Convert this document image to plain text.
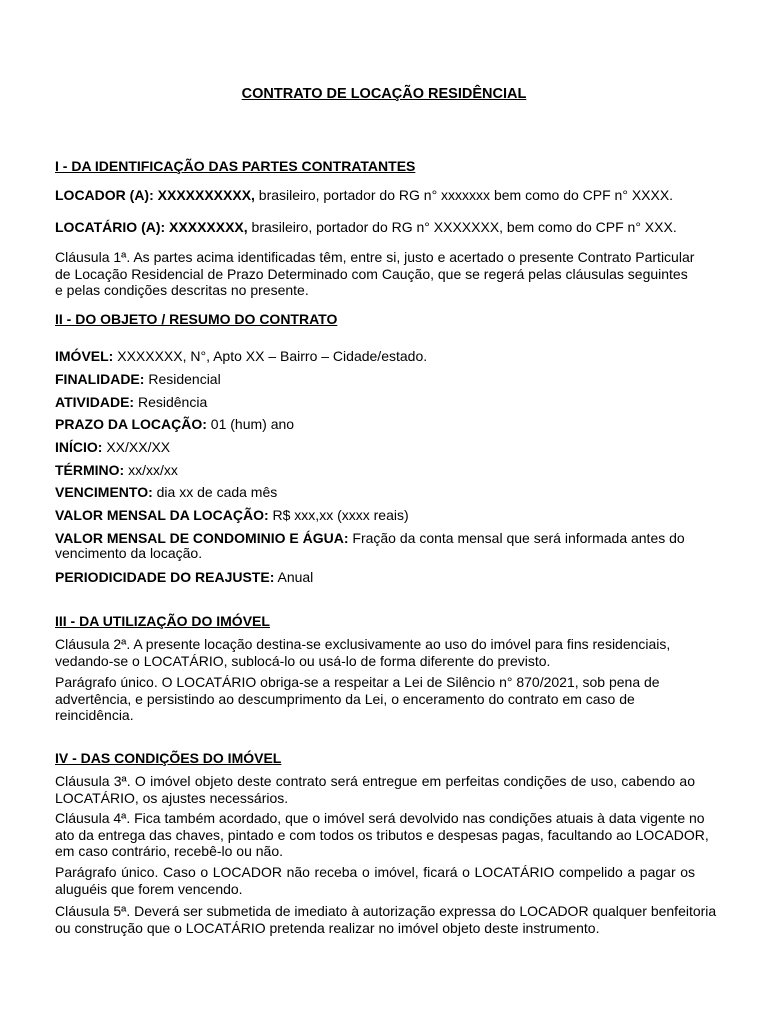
CONTRATO DE LOCAÇÃO RESIDÊNCIAL
I - DA IDENTIFICAÇÃO DAS PARTES CONTRATANTES
LOCADOR (A): XXXXXXXXXX, brasileiro, portador do RG n° xxxxxxx bem como do CPF n° XXXX.
LOCATÁRIO (A): XXXXXXXX, brasileiro, portador do RG n° XXXXXXX, bem como do CPF n° XXX.
Cláusula 1ª. As partes acima identificadas têm, entre si, justo e acertado o presente Contrato Particular
de Locação Residencial de Prazo Determinado com Caução, que se regerá pelas cláusulas seguintes
e pelas condições descritas no presente.
II - DO OBJETO / RESUMO DO CONTRATO
IMÓVEL: XXXXXXX, N°, Apto XX – Bairro – Cidade/estado.
FINALIDADE: Residencial
ATIVIDADE: Residência
PRAZO DA LOCAÇÃO: 01 (hum) ano
INÍCIO: XX/XX/XX
TÉRMINO: xx/xx/xx
VENCIMENTO: dia xx de cada mês
VALOR MENSAL DA LOCAÇÃO: R$ xxx,xx (xxxx reais)
VALOR MENSAL DE CONDOMINIO E ÁGUA: Fração da conta mensal que será informada antes do
vencimento da locação.
PERIODICIDADE DO REAJUSTE: Anual
III - DA UTILIZAÇÃO DO IMÓVEL
Cláusula 2ª. A presente locação destina-se exclusivamente ao uso do imóvel para fins residenciais,
vedando-se o LOCATÁRIO, sublocá-lo ou usá-lo de forma diferente do previsto.
Parágrafo único. O LOCATÁRIO obriga-se a respeitar a Lei de Silêncio n° 870/2021, sob pena de
advertência, e persistindo ao descumprimento da Lei, o enceramento do contrato em caso de
reincidência.
IV - DAS CONDIÇÕES DO IMÓVEL
Cláusula 3ª. O imóvel objeto deste contrato será entregue em perfeitas condições de uso, cabendo ao
LOCATÁRIO, os ajustes necessários.
Cláusula 4ª. Fica também acordado, que o imóvel será devolvido nas condições atuais à data vigente no
ato da entrega das chaves, pintado e com todos os tributos e despesas pagas, facultando ao LOCADOR,
em caso contrário, recebê-lo ou não.
Parágrafo único. Caso o LOCADOR não receba o imóvel, ficará o LOCATÁRIO compelido a pagar os
aluguéis que forem vencendo.
Cláusula 5ª. Deverá ser submetida de imediato à autorização expressa do LOCADOR qualquer benfeitoria
ou construção que o LOCATÁRIO pretenda realizar no imóvel objeto deste instrumento.
